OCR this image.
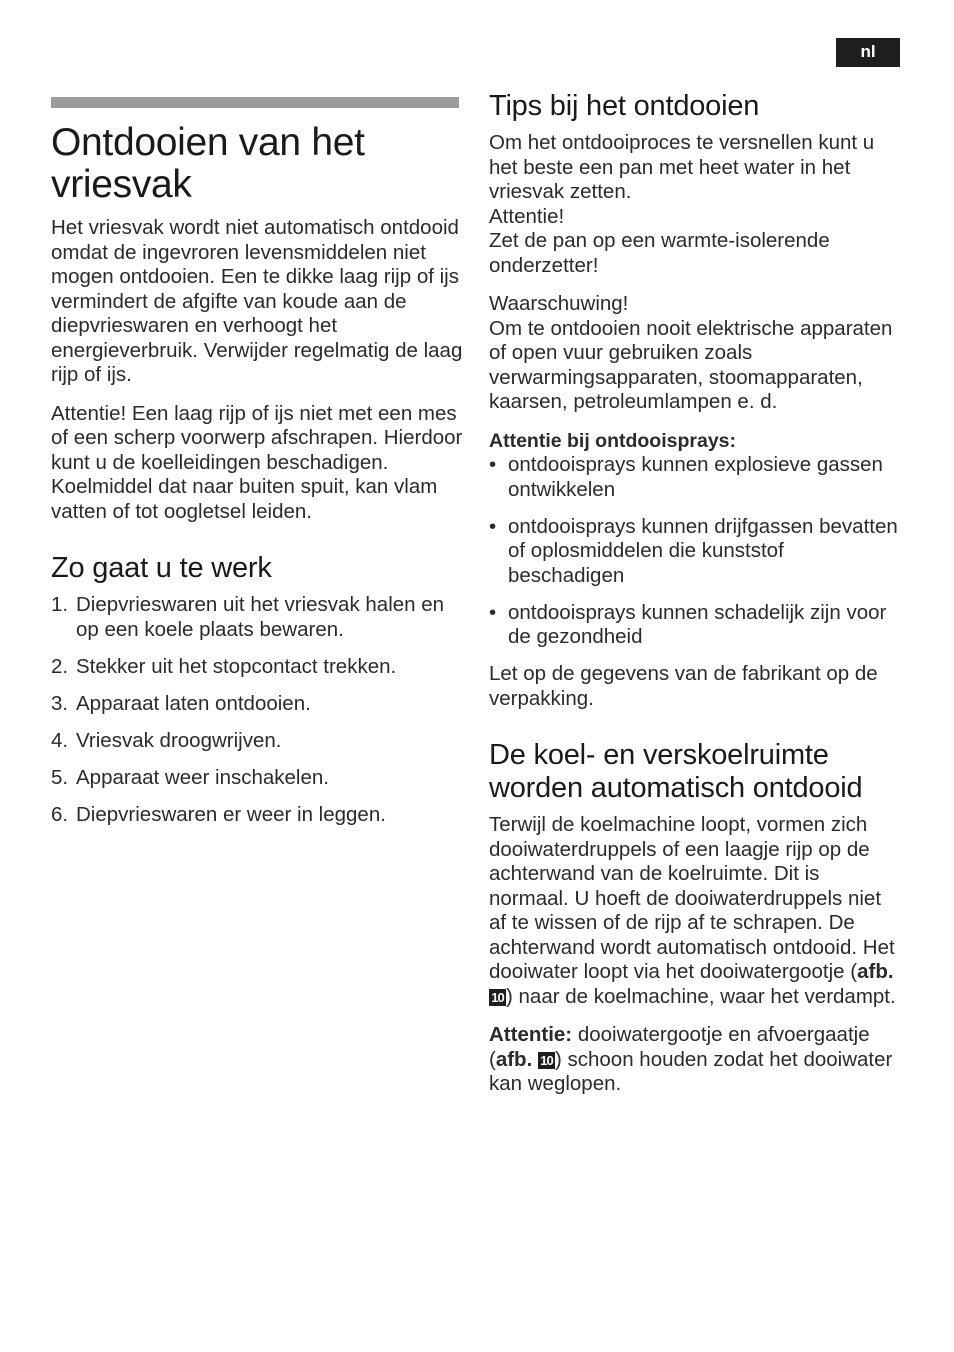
nl
Ontdooien van het vriesvak

Het vriesvak wordt niet automatisch ontdooid omdat de ingevroren levensmiddelen niet mogen ontdooien. Een te dikke laag rijp of ijs vermindert de afgifte van koude aan de diepvrieswaren en verhoogt het energieverbruik. Verwijder regelmatig de laag rijp of ijs.

Attentie! Een laag rijp of ijs niet met een mes of een scherp voorwerp afschrapen. Hierdoor kunt u de koelleidingen beschadigen. Koelmiddel dat naar buiten spuit, kan vlam vatten of tot oogletsel leiden.

Zo gaat u te werk
1. Diepvrieswaren uit het vriesvak halen en op een koele plaats bewaren.
2. Stekker uit het stopcontact trekken.
3. Apparaat laten ontdooien.
4. Vriesvak droogwrijven.
5. Apparaat weer inschakelen.
6. Diepvrieswaren er weer in leggen.
Tips bij het ontdooien

Om het ontdooiproces te versnellen kunt u het beste een pan met heet water in het vriesvak zetten.

Attentie!

Zet de pan op een warmte-isolerende onderzetter!

Waarschuwing!

Om te ontdooien nooit elektrische apparaten of open vuur gebruiken zoals verwarmingsapparaten, stoomapparaten, kaarsen, petroleumlampen e. d.

Attentie bij ontdooisprays:
• ontdooisprays kunnen explosieve gassen ontwikkelen
• ontdooisprays kunnen drijfgassen bevatten of oplosmiddelen die kunststof beschadigen
• ontdooisprays kunnen schadelijk zijn voor de gezondheid

Let op de gegevens van de fabrikant op de verpakking.

De koel- en verskoelruimte worden automatisch ontdooid

Terwijl de koelmachine loopt, vormen zich dooiwaterdruppels of een laagje rijp op de achterwand van de koelruimte. Dit is normaal. U hoeft de dooiwaterdruppels niet af te wissen of de rijp af te schrapen. De achterwand wordt automatisch ontdooid. Het dooiwater loopt via het dooiwatergootje (afb. 10 ) naar de koelmachine, waar het verdampt.

Attentie: dooiwatergootje en afvoergaatje (afb. 10 ) schoon houden zodat het dooiwater kan weglopen.
